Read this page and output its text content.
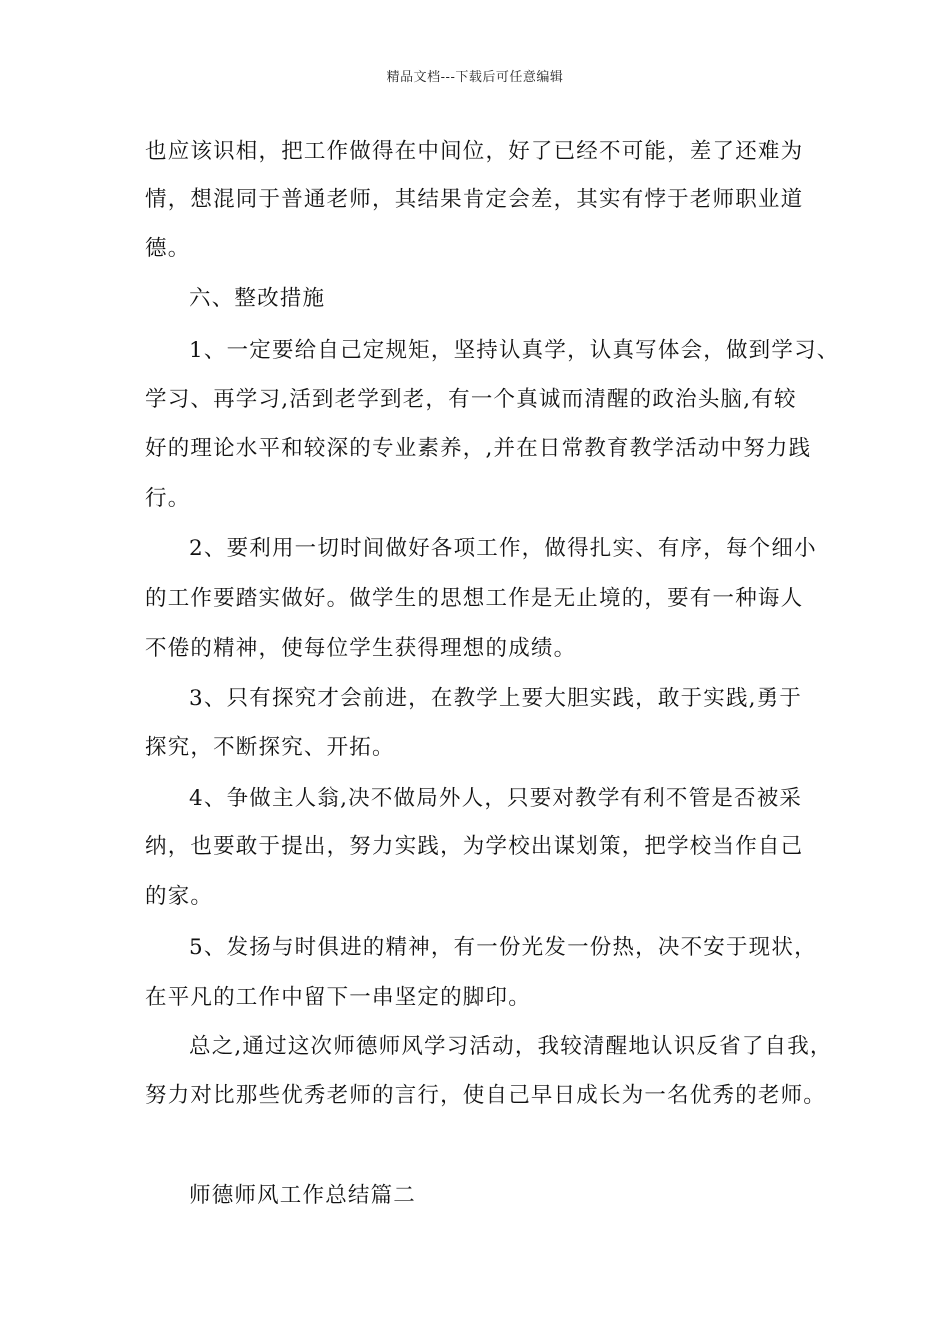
精品文档---下载后可任意编辑
也应该识相，把工作做得在中间位，好了已经不可能，差了还难为
情，想混同于普通老师，其结果肯定会差，其实有悖于老师职业道
德。
六、整改措施
1、一定要给自己定规矩，坚持认真学，认真写体会，做到学习、
学习、再学习,活到老学到老，有一个真诚而清醒的政治头脑,有较
好的理论水平和较深的专业素养，,并在日常教育教学活动中努力践
行。
2、要利用一切时间做好各项工作，做得扎实、有序，每个细小
的工作要踏实做好。做学生的思想工作是无止境的，要有一种诲人
不倦的精神，使每位学生获得理想的成绩。
3、只有探究才会前进，在教学上要大胆实践，敢于实践,勇于
探究，不断探究、开拓。
4、争做主人翁,决不做局外人，只要对教学有利不管是否被采
纳，也要敢于提出，努力实践，为学校出谋划策，把学校当作自己
的家。
5、发扬与时俱进的精神，有一份光发一份热，决不安于现状，
在平凡的工作中留下一串坚定的脚印。
总之,通过这次师德师风学习活动，我较清醒地认识反省了自我，
努力对比那些优秀老师的言行，使自己早日成长为一名优秀的老师。
师德师风工作总结篇二
